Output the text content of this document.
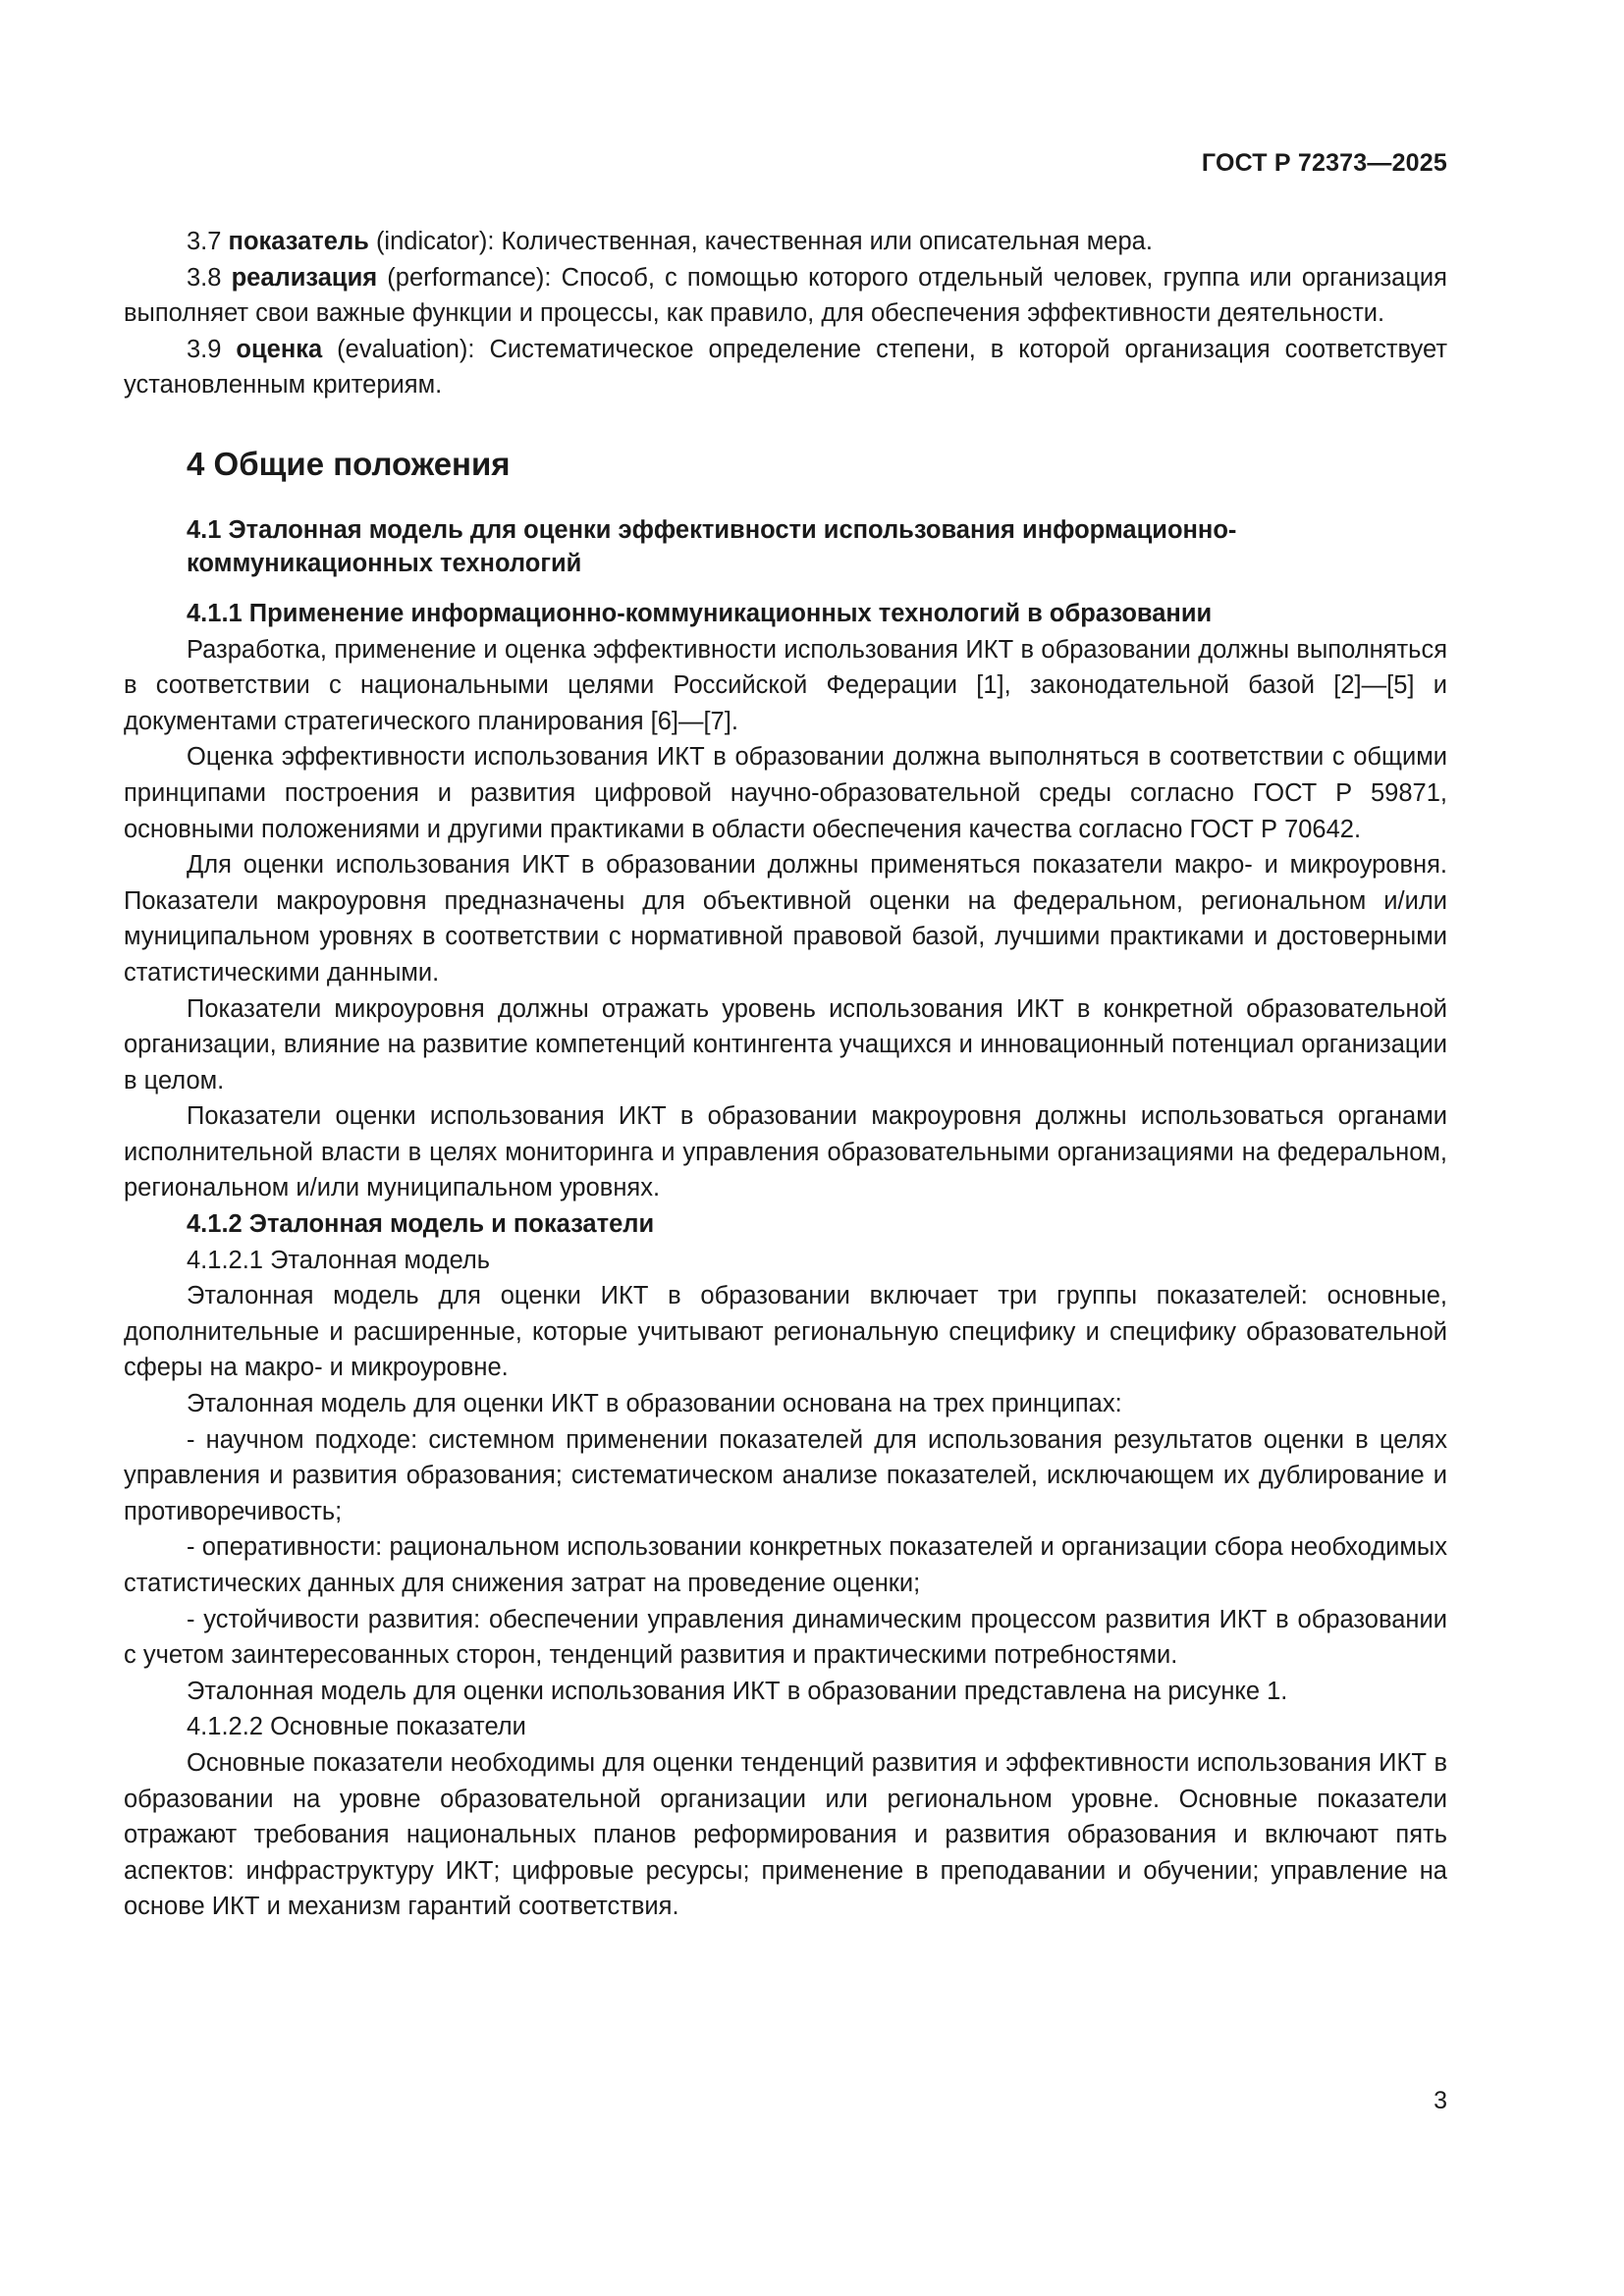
ГОСТ Р 72373—2025

3.7 показатель (indicator): Количественная, качественная или описательная мера.

3.8 реализация (performance): Способ, с помощью которого отдельный человек, группа или организация выполняет свои важные функции и процессы, как правило, для обеспечения эффективности деятельности.

3.9 оценка (evaluation): Систематическое определение степени, в которой организация соответствует установленным критериям.

4 Общие положения
4.1 Эталонная модель для оценки эффективности использования информационно-коммуникационных технологий
4.1.1 Применение информационно-коммуникационных технологий в образовании

Разработка, применение и оценка эффективности использования ИКТ в образовании должны выполняться в соответствии с национальными целями Российской Федерации [1], законодательной базой [2]—[5] и документами стратегического планирования [6]—[7].

Оценка эффективности использования ИКТ в образовании должна выполняться в соответствии с общими принципами построения и развития цифровой научно-образовательной среды согласно ГОСТ Р 59871, основными положениями и другими практиками в области обеспечения качества согласно ГОСТ Р 70642.

Для оценки использования ИКТ в образовании должны применяться показатели макро- и микроуровня. Показатели макроуровня предназначены для объективной оценки на федеральном, региональном и/или муниципальном уровнях в соответствии с нормативной правовой базой, лучшими практиками и достоверными статистическими данными.

Показатели микроуровня должны отражать уровень использования ИКТ в конкретной образовательной организации, влияние на развитие компетенций контингента учащихся и инновационный потенциал организации в целом.

Показатели оценки использования ИКТ в образовании макроуровня должны использоваться органами исполнительной власти в целях мониторинга и управления образовательными организациями на федеральном, региональном и/или муниципальном уровнях.

4.1.2 Эталонная модель и показатели

4.1.2.1 Эталонная модель

Эталонная модель для оценки ИКТ в образовании включает три группы показателей: основные, дополнительные и расширенные, которые учитывают региональную специфику и специфику образовательной сферы на макро- и микроуровне.

Эталонная модель для оценки ИКТ в образовании основана на трех принципах:

- научном подходе: системном применении показателей для использования результатов оценки в целях управления и развития образования; систематическом анализе показателей, исключающем их дублирование и противоречивость;

- оперативности: рациональном использовании конкретных показателей и организации сбора необходимых статистических данных для снижения затрат на проведение оценки;

- устойчивости развития: обеспечении управления динамическим процессом развития ИКТ в образовании с учетом заинтересованных сторон, тенденций развития и практическими потребностями.

Эталонная модель для оценки использования ИКТ в образовании представлена на рисунке 1.

4.1.2.2 Основные показатели

Основные показатели необходимы для оценки тенденций развития и эффективности использования ИКТ в образовании на уровне образовательной организации или региональном уровне. Основные показатели отражают требования национальных планов реформирования и развития образования и включают пять аспектов: инфраструктуру ИКТ; цифровые ресурсы; применение в преподавании и обучении; управление на основе ИКТ и механизм гарантий соответствия.

3
